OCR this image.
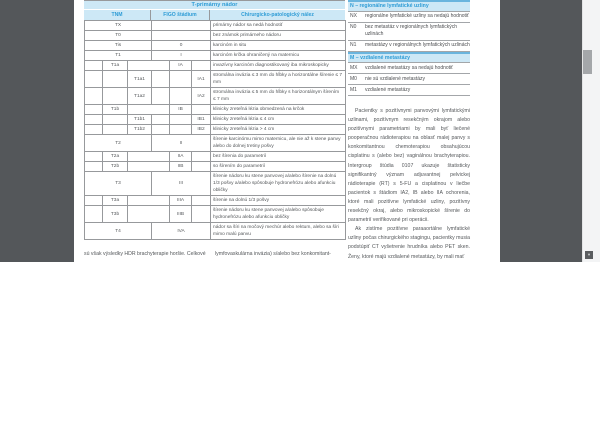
T-primárny nádor
TNM	FIGO štádium	Chirurgicko-patologický nález
TX						primárny nádor sa nedá hodnotiť
T0						bez známok primárneho nádoru
Tis			0			karcinóm in situ
T1			I			karcinóm krčka ohraničený na maternicu
	T1a			IA		invazívny karcinóm diagnostikovaný iba mikroskopicky
		T1a1			IA1	stromálna invázia ≤ 3 mm do hĺbky a horizontálne šírenie ≤ 7 mm
		T1a2			IA2	stromálna invázia ≤ 5 mm do hĺbky s horizontálnym šírením ≤ 7 mm
	T1b			IB		klinicky zreteľná lézia obmedzená na krčok
		T1b1			IB1	klinicky zreteľná lézia ≤ 4 cm
		T1b2			IB2	klinicky zreteľná lézia > 4 cm
T2			II			šírenie karcinómu mimo maternicu, ale nie až k stene panvy alebo do dolnej tretiny pošvy
	T2a			IIA		bez šírenia do parametrií
	T2b			IIB		so šírením do parametrií
T3			III			šírenie nádoru ku stene panvovej a/alebo šírenie na dolnú 1/3 pošvy a/alebo spôsobuje hydronefrózu alebo afunkciu obličky
	T3a			IIIA		šírenie na dolnú 1/3 pošvy
	T3b			IIIB		šírenie nádoru ku stene panvovej a/alebo spôsobuje hydronefrózu alebo afunkciu obličky
T4			IVA			nádor sa šíri na močový mechúr alebo rektum, alebo sa šíri mimo malú panvu
N – regionálne lymfatické uzliny
NX	regionálne lymfatické uzliny sa nedajú hodnotiť
N0	bez metastáz v regionálnych lymfatických uzlinách
N1	metastázy v regionálnych lymfatických uzlinách
M – vzdialené metastázy
MX	vzdialené metastázy sa nedajú hodnotiť
M0	nie sú vzdialené metastázy
M1	vzdialené metastázy

Pacientky s pozitívnymi panvovými lymfatickými uzlinami, pozitívnym resekčným okrajom alebo pozitívnymi parametriami by mali byť liečené pooperačnou rádioterapiou na oblasť malej panvy s konkomitantnou chemoterapiou obsahujúcou cisplatinu s (alebo bez) vaginálnou brachyterapiou. Intergroup štúdia 0107 ukazuje štatisticky signifikantný význam adjuvantnej pelvickej rádioterapie (RT) s 5-FU a cisplatinou v liečbe pacientok s štádiom IA2, IB alebo IIA ochorenia, ktoré mali pozitívne lymfatické uzliny, pozitívny resekčný okraj, alebo mikroskopické šírenie do parametrií verifikované pri operácii.

Ak zistíme pozitívne paraaortálne lymfatické uzliny počas chirurgického stagingu, pacientky musia podstúpiť CT vyšetrenie hrudníka alebo PET sken. Ženy, ktoré majú vzdialené metastázy, by mali mať

sú však výsledky HDR brachyterapie horšie. Celkové lymfovaskulárna invázia) s/alebo bez konkomitant-	▾
